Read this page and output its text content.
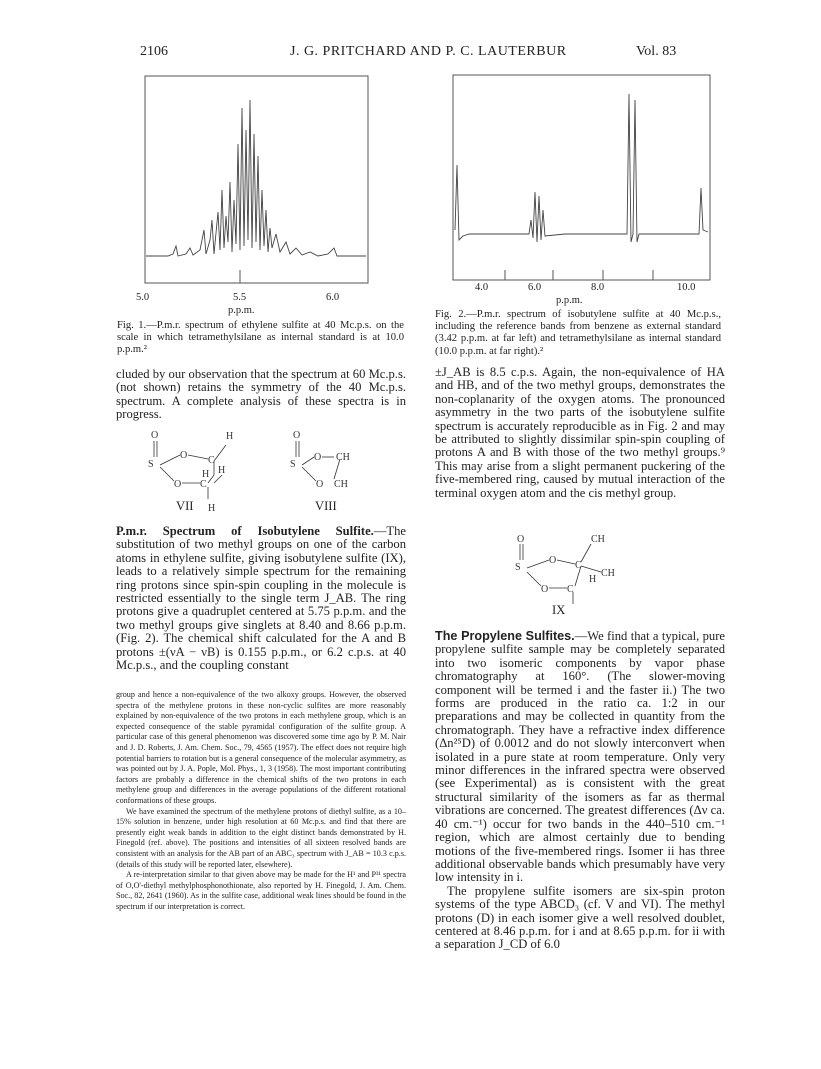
2106	J. G. PRITCHARD AND P. C. LAUTERBUR	Vol. 83
5.0	5.5	6.0
p.p.m.
Fig. 1.—P.m.r. spectrum of ethylene sulfite at 40 Mc.p.s. on the scale in which tetramethylsilane as internal standard is at 10.0 p.p.m.²
4.0	6.0	8.0	10.0
p.p.m.
Fig. 2.—P.m.r. spectrum of isobutylene sulfite at 40 Mc.p.s., including the reference bands from benzene as external standard (3.42 p.p.m. at far left) and tetramethylsilane as internal standard (10.0 p.p.m. at far right).²
cluded by our observation that the spectrum at 60 Mc.p.s. (not shown) retains the symmetry of the 40 Mc.p.s. spectrum. A complete analysis of these spectra is in progress.
O
S
O C
H
H
H
O C
H
O
S
O CH
O CH
VII	VIII

P.m.r. Spectrum of Isobutylene Sulfite.—The substitution of two methyl groups on one of the carbon atoms in ethylene sulfite, giving isobutylene sulfite (IX), leads to a relatively simple spectrum for the remaining ring protons since spin-spin coupling in the molecule is restricted essentially to the single term J_AB. The ring protons give a quadruplet centered at 5.75 p.p.m. and the two methyl groups give singlets at 8.40 and 8.66 p.p.m. (Fig. 2). The chemical shift calculated for the A and B protons ±(νA − νB) is 0.155 p.p.m., or 6.2 c.p.s. at 40 Mc.p.s., and the coupling constant

group and hence a non-equivalence of the two alkoxy groups. However, the observed spectra of the methylene protons in these non-cyclic sulfites are more reasonably explained by non-equivalence of the two protons in each methylene group, which is an expected consequence of the stable pyramidal configuration of the sulfite group. A particular case of this general phenomenon was discovered some time ago by P. M. Nair and J. D. Roberts, J. Am. Chem. Soc., 79, 4565 (1957). The effect does not require high potential barriers to rotation but is a general consequence of the molecular asymmetry, as was pointed out by J. A. Pople, Mol. Phys., 1, 3 (1958). The most important contributing factors are probably a difference in the chemical shifts of the two protons in each methylene group and differences in the average populations of the different rotational conformations of these groups.

We have examined the spectrum of the methylene protons of diethyl sulfite, as a 10–15% solution in benzene, under high resolution at 60 Mc.p.s. and find that there are presently eight weak bands in addition to the eight distinct bands demonstrated by H. Finegold (ref. above). The positions and intensities of all sixteen resolved bands are consistent with an analysis for the AB part of an ABC₃ spectrum with J_AB = 10.3 c.p.s. (details of this study will be reported later, elsewhere).

A re-interpretation similar to that given above may be made for the H¹ and P³¹ spectra of O,O'-diethyl methylphosphonothionate, also reported by H. Finegold, J. Am. Chem. Soc., 82, 2641 (1960). As in the sulfite case, additional weak lines should be found in the spectrum if our interpretation is correct.

±J_AB is 8.5 c.p.s. Again, the non-equivalence of HA and HB, and of the two methyl groups, demonstrates the non-coplanarity of the oxygen atoms. The pronounced asymmetry in the two parts of the isobutylene sulfite spectrum is accurately reproducible as in Fig. 2 and may be attributed to slightly dissimilar spin-spin coupling of protons A and B with those of the two methyl groups.⁹ This may arise from a slight permanent puckering of the five-membered ring, caused by mutual interaction of the terminal oxygen atom and the cis methyl group.
O
S
O C
CH
CH
H
O C
IX

The Propylene Sulfites.—We find that a typical, pure propylene sulfite sample may be completely separated into two isomeric components by vapor phase chromatography at 160°. (The slower-moving component will be termed i and the faster ii.) The two forms are produced in the ratio ca. 1:2 in our preparations and may be collected in quantity from the chromatograph. They have a refractive index difference (Δn²⁵D) of 0.0012 and do not slowly interconvert when isolated in a pure state at room temperature. Only very minor differences in the infrared spectra were observed (see Experimental) as is consistent with the great structural similarity of the isomers as far as thermal vibrations are concerned. The greatest differences (Δν ca. 40 cm.⁻¹) occur for two bands in the 440–510 cm.⁻¹ region, which are almost certainly due to bending motions of the five-membered rings. Isomer ii has three additional observable bands which presumably have very low intensity in i.

The propylene sulfite isomers are six-spin proton systems of the type ABCD₃ (cf. V and VI). The methyl protons (D) in each isomer give a well resolved doublet, centered at 8.46 p.p.m. for i and at 8.65 p.p.m. for ii with a separation J_CD of 6.0
